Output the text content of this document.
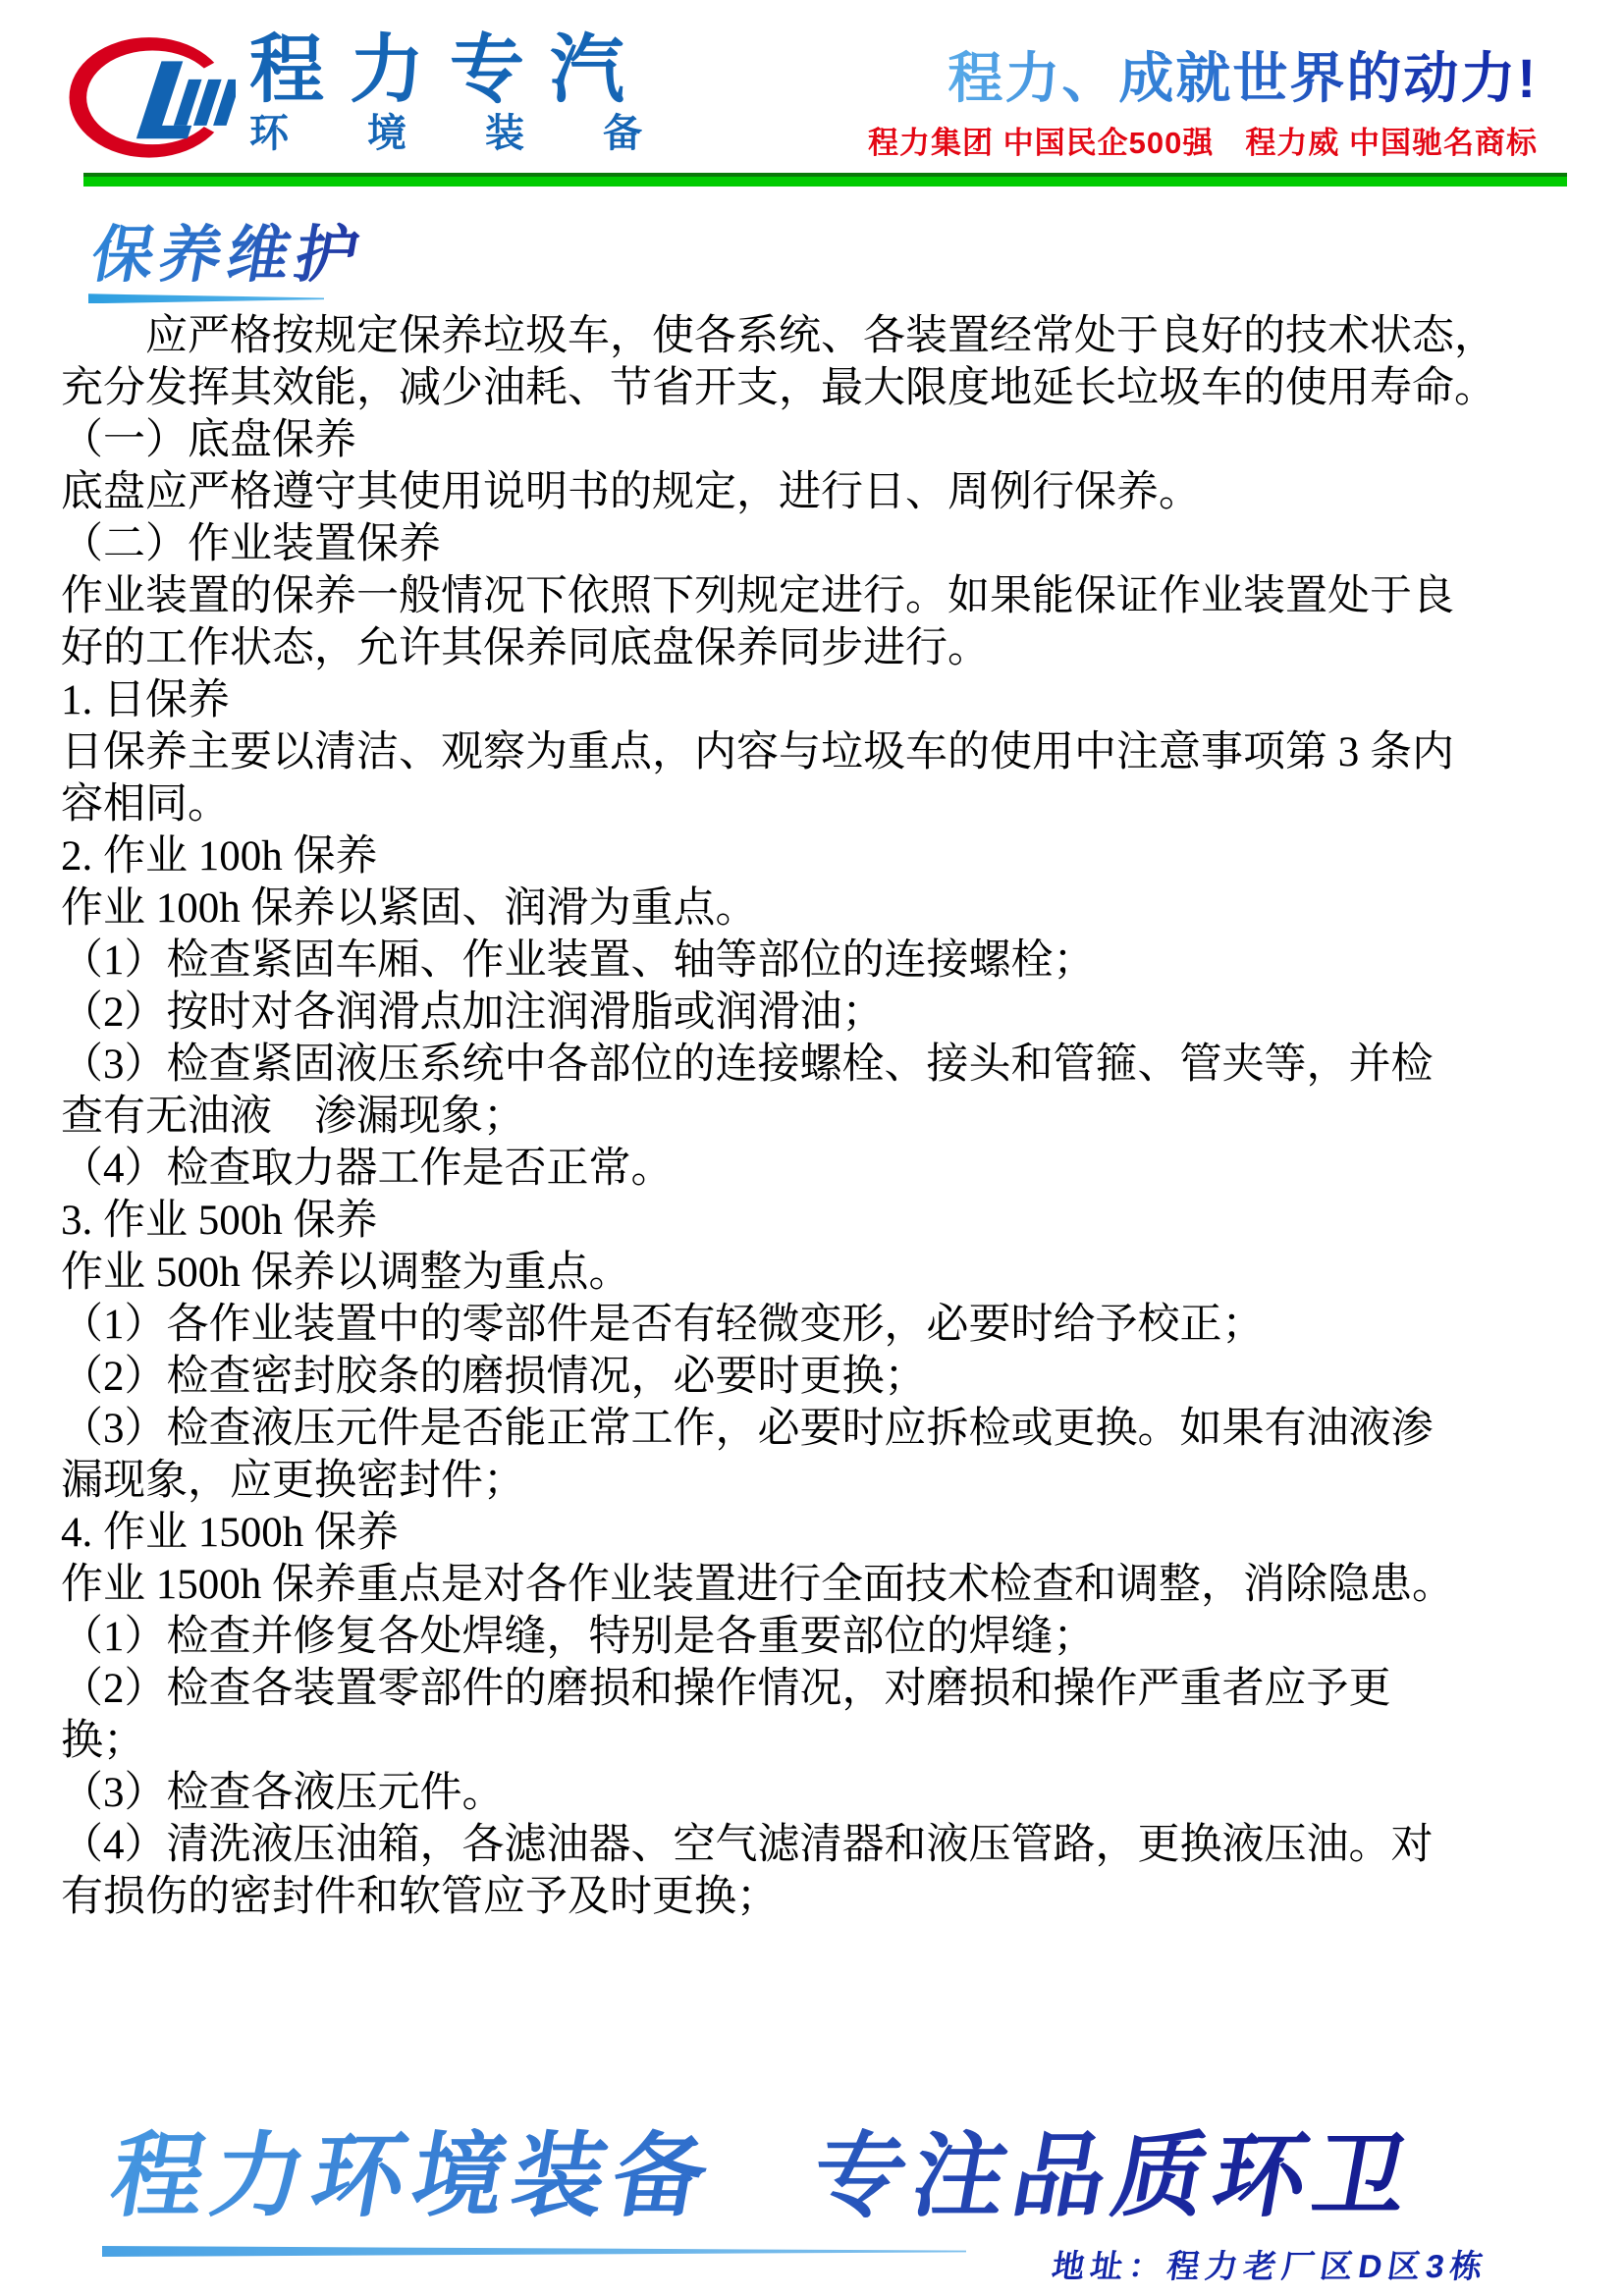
程力专汽
环境装备
程力、成就世界的动力!
程力集团 中国民企500强　程力威 中国驰名商标
保养维护
　　应严格按规定保养垃圾车，使各系统、各装置经常处于良好的技术状态，
充分发挥其效能，减少油耗、节省开支，最大限度地延长垃圾车的使用寿命。
（一）底盘保养
底盘应严格遵守其使用说明书的规定，进行日、周例行保养。
（二）作业装置保养
作业装置的保养一般情况下依照下列规定进行。如果能保证作业装置处于良
好的工作状态，允许其保养同底盘保养同步进行。
1. 日保养
日保养主要以清洁、观察为重点，内容与垃圾车的使用中注意事项第 3 条内
容相同。
2. 作业 100h 保养
作业 100h 保养以紧固、润滑为重点。
（1）检查紧固车厢、作业装置、轴等部位的连接螺栓；
（2）按时对各润滑点加注润滑脂或润滑油；
（3）检查紧固液压系统中各部位的连接螺栓、接头和管箍、管夹等，并检
查有无油液　渗漏现象；
（4）检查取力器工作是否正常。
3. 作业 500h 保养
作业 500h 保养以调整为重点。
（1）各作业装置中的零部件是否有轻微变形，必要时给予校正；
（2）检查密封胶条的磨损情况，必要时更换；
（3）检查液压元件是否能正常工作，必要时应拆检或更换。如果有油液渗
漏现象，应更换密封件；
4. 作业 1500h 保养
作业 1500h 保养重点是对各作业装置进行全面技术检查和调整，消除隐患。
（1）检查并修复各处焊缝，特别是各重要部位的焊缝；
（2）检查各装置零部件的磨损和操作情况，对磨损和操作严重者应予更
换；
（3）检查各液压元件。
（4）清洗液压油箱，各滤油器、空气滤清器和液压管路，更换液压油。对
有损伤的密封件和软管应予及时更换；
程力环境装备　专注品质环卫
地址：程力老厂区D区3栋
